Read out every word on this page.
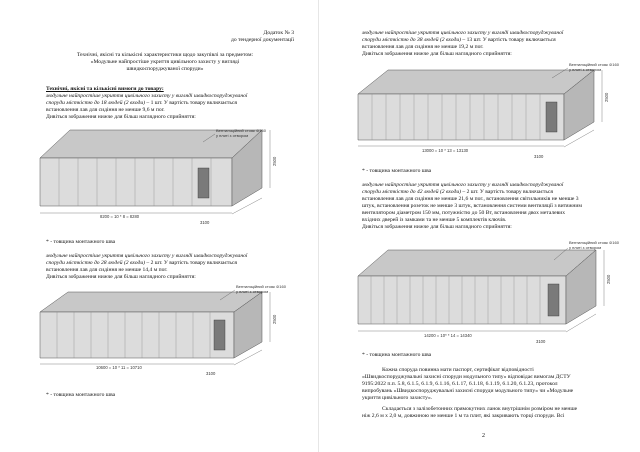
Додаток № 3
до тендерної документації
Технічні, якісні та кількісні характеристики щодо закупівлі за предметом:
«Модульне найпростіше укриття цивільного захисту у вигляді
швидкоспоруджуваної споруди»
Технічні, якісні та кількісні вимоги до товару:
модульне найпростіше укриття цивільного захисту у вигляді швидкоспоруджуваної
споруди місткістю до 18 людей (2 входи) – 1 шт. У вартість товару включається
встановлення лав для сидіння не менше 9,6 м пог.
Дивіться зображення нижче для більш наглядного сприйняття:
Вентиляційний стояк ⊘160
у плиті з отвором
8200 = 10 * 8 = 8280
3100
2500
* - товщина монтажного шва
модульне найпростіше укриття цивільного захисту у вигляді швидкоспоруджуваної
споруди місткістю до 28 людей (2 входи) – 2 шт. У вартість товару включається
встановлення лав для сидіння не менше 14,4 м пог.
Дивіться зображення нижче для більш наглядного сприйняття:
Вентиляційний стояк ⊘160
у плиті з отвором
10600 = 10 * 11 = 10710
3100
2500
* - товщина монтажного шва
модульне найпростіше укриття цивільного захисту у вигляді швидкоспоруджуваної
споруди місткістю до 38 людей (2 входи) – 13 шт. У вартість товару включається
встановлення лав для сидіння не менше 19,2 м пог.
Дивіться зображення нижче для більш наглядного сприйняття:
Вентиляційний стояк ⊘160
у плиті з отвором
13000 = 10 * 13 = 13130
3100
2500
* - товщина монтажного шва
модульне найпростіше укриття цивільного захисту у вигляді швидкоспоруджуваної
споруди місткістю до 42 людей (2 входи) – 2 шт. У вартість товару включається
встановлення лав для сидіння не менше 21,6 м пог., встановлення світильників не менше 3
штук, встановлення розеток не менше 3 штук, встановлення системи вентиляції з витяжним
вентилятором діаметром 150 мм, потужністю до 50 Вт, встановлення двох металевих
вхідних дверей із замками та не менше 5 комплектів ключів.
Дивіться зображення нижче для більш наглядного сприйняття:
Вентиляційний стояк ⊘160
у плиті з отвором
14200 = 10* * 14 = 14340
3100
2500
* - товщина монтажного шва
Кожна споруда повинна мати паспорт, сертифікат відповідності
«Швидкоспоруджувальні захисні споруди модульного типу» відповідає вимогам ДСТУ
9195:2022 п.п. 5.8, 6.1.5, 6.1.9, 6.1.16, 6.1.17, 6.1.18, 6.1.19, 6.1.20, 6.1.23, протокол
випробувань «Швидкоспоруджувальні захисні споруди модульного типу» чи «Модульне
укриття цивільного захисту».
Складається з залізобетонних прямокутних ланок внутрішнім розміром не менше
ніж 2,6 м х 2,0 м, довжиною не менше 1 м та плит, які закривають торці споруди. Всі
2
